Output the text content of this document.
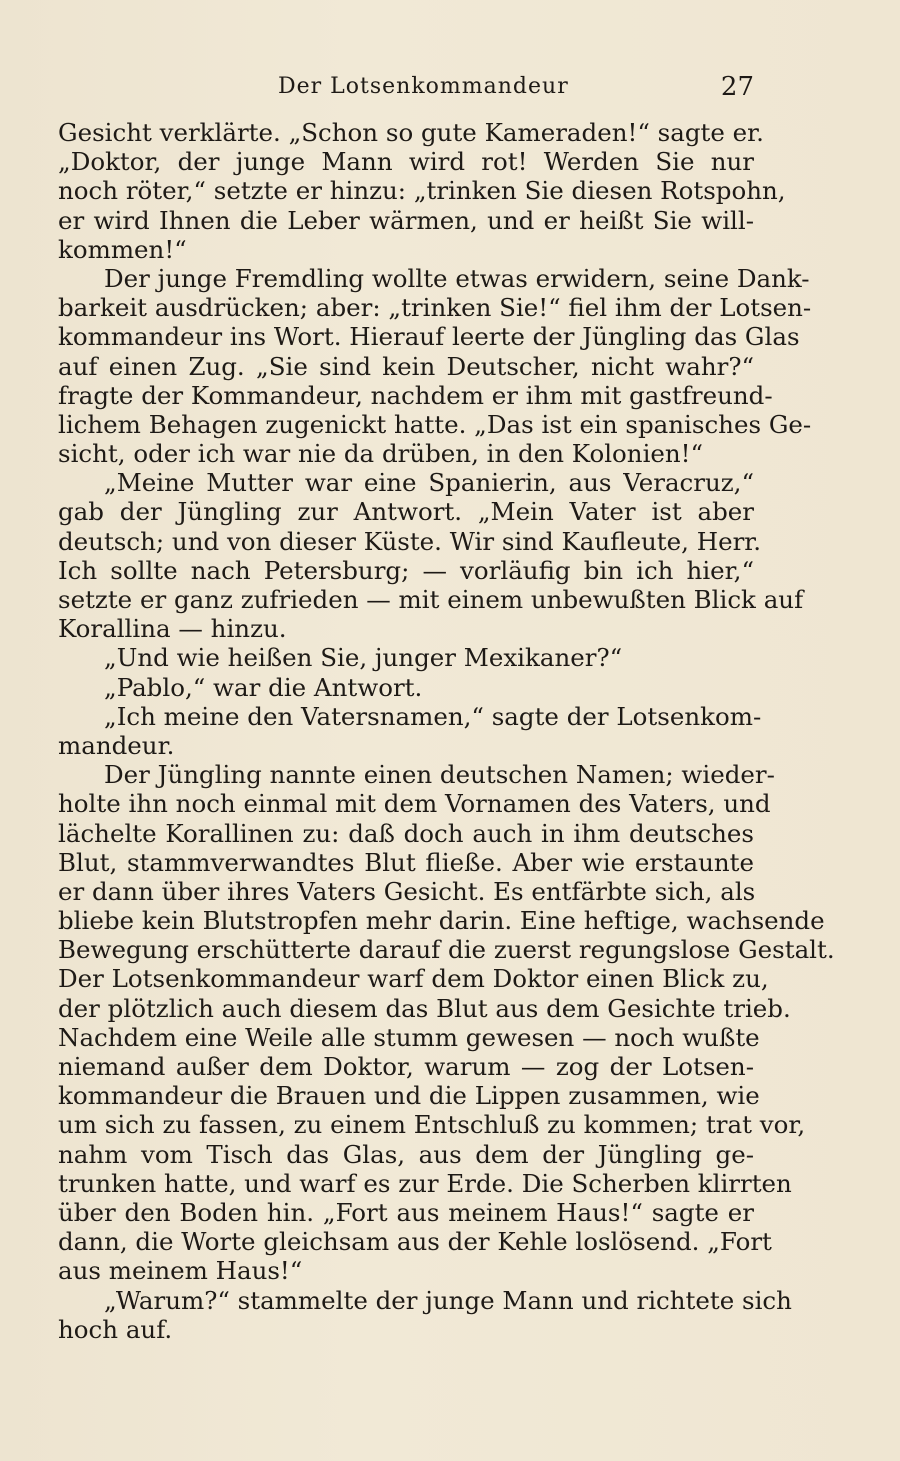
Der Lotsenkommandeur	27
Gesicht verklärte. „Schon so gute Kameraden!“ sagte er.
„Doktor, der junge Mann wird rot! Werden Sie nur
noch röter,“ setzte er hinzu: „trinken Sie diesen Rotspohn,
er wird Ihnen die Leber wärmen, und er heißt Sie will-
kommen!“
Der junge Fremdling wollte etwas erwidern, seine Dank-
barkeit ausdrücken; aber: „trinken Sie!“ fiel ihm der Lotsen-
kommandeur ins Wort. Hierauf leerte der Jüngling das Glas
auf einen Zug. „Sie sind kein Deutscher, nicht wahr?“
fragte der Kommandeur, nachdem er ihm mit gastfreund-
lichem Behagen zugenickt hatte. „Das ist ein spanisches Ge-
sicht, oder ich war nie da drüben, in den Kolonien!“
„Meine Mutter war eine Spanierin, aus Veracruz,“
gab der Jüngling zur Antwort. „Mein Vater ist aber
deutsch; und von dieser Küste. Wir sind Kaufleute, Herr.
Ich sollte nach Petersburg; — vorläufig bin ich hier,“
setzte er ganz zufrieden — mit einem unbewußten Blick auf
Korallina — hinzu.
„Und wie heißen Sie, junger Mexikaner?“
„Pablo,“ war die Antwort.
„Ich meine den Vatersnamen,“ sagte der Lotsenkom-
mandeur.
Der Jüngling nannte einen deutschen Namen; wieder-
holte ihn noch einmal mit dem Vornamen des Vaters, und
lächelte Korallinen zu: daß doch auch in ihm deutsches
Blut, stammverwandtes Blut fließe. Aber wie erstaunte
er dann über ihres Vaters Gesicht. Es entfärbte sich, als
bliebe kein Blutstropfen mehr darin. Eine heftige, wachsende
Bewegung erschütterte darauf die zuerst regungslose Gestalt.
Der Lotsenkommandeur warf dem Doktor einen Blick zu,
der plötzlich auch diesem das Blut aus dem Gesichte trieb.
Nachdem eine Weile alle stumm gewesen — noch wußte
niemand außer dem Doktor, warum — zog der Lotsen-
kommandeur die Brauen und die Lippen zusammen, wie
um sich zu fassen, zu einem Entschluß zu kommen; trat vor,
nahm vom Tisch das Glas, aus dem der Jüngling ge-
trunken hatte, und warf es zur Erde. Die Scherben klirrten
über den Boden hin. „Fort aus meinem Haus!“ sagte er
dann, die Worte gleichsam aus der Kehle loslösend. „Fort
aus meinem Haus!“
„Warum?“ stammelte der junge Mann und richtete sich
hoch auf.
